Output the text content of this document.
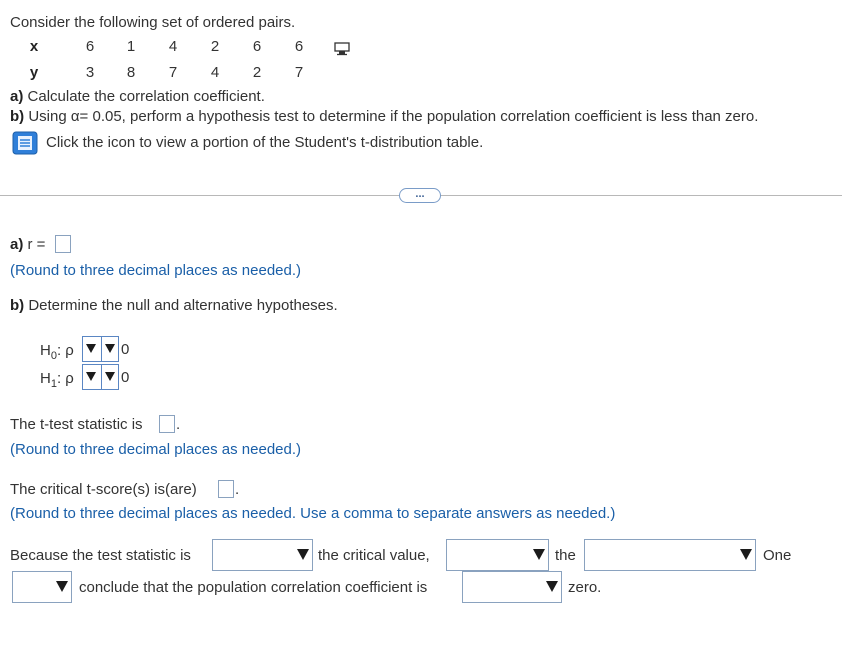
Consider the following set of ordered pairs.
x	6	1	4	2	6	6
y	3	8	7	4	2	7
a) Calculate the correlation coefficient.
b) Using α= 0.05, perform a hypothesis test to determine if the population correlation coefficient is less than zero.
Click the icon to view a portion of the Student's t-distribution table.
...
a) r =
(Round to three decimal places as needed.)
b) Determine the null and alternative hypotheses.
$H_0$: ρ	0
$H_1$: ρ	0
The t-test statistic is .
(Round to three decimal places as needed.)
The critical t-score(s) is(are)	.
(Round to three decimal places as needed. Use a comma to separate answers as needed.)
Because the test statistic is	the critical value,	the	One
conclude that the population correlation coefficient is	zero.
